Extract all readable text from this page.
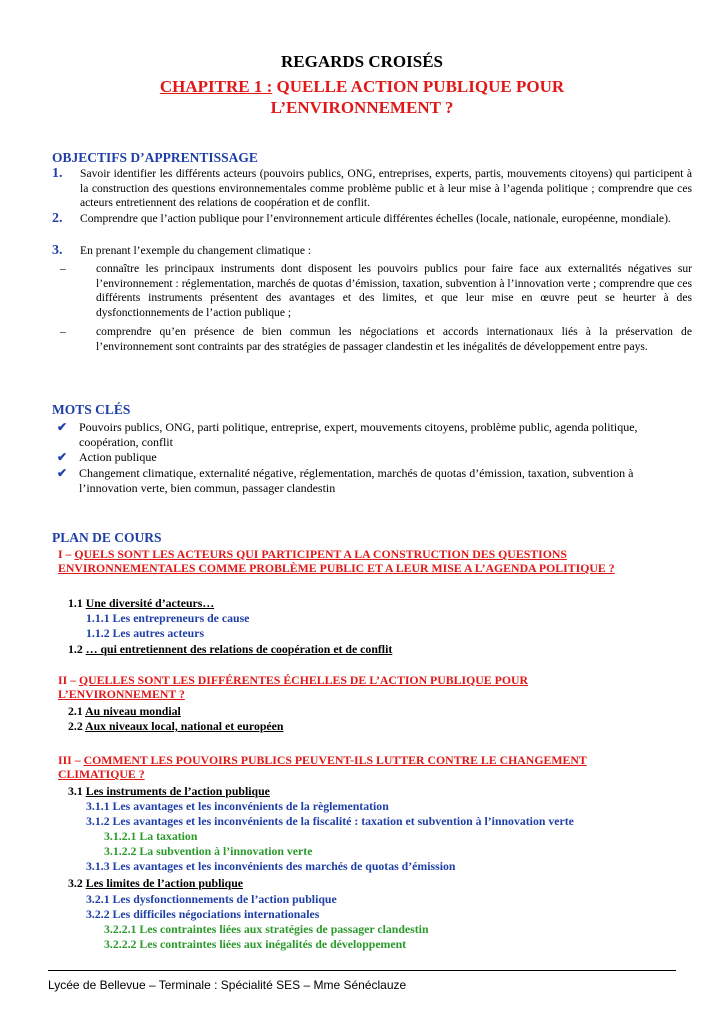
REGARDS CROISÉS
CHAPITRE 1 : QUELLE ACTION PUBLIQUE POUR
L’ENVIRONNEMENT ?
OBJECTIFS D’APPRENTISSAGE
1. Savoir identifier les différents acteurs (pouvoirs publics, ONG, entreprises, experts, partis, mouvements citoyens) qui participent à la construction des questions environnementales comme problème public et à leur mise à l’agenda politique ; comprendre que ces acteurs entretiennent des relations de coopération et de conflit.
2. Comprendre que l’action publique pour l’environnement articule différentes échelles (locale, nationale, européenne, mondiale).
3. En prenant l’exemple du changement climatique :
–	connaître les principaux instruments dont disposent les pouvoirs publics pour faire face aux externalités négatives sur l’environnement : réglementation, marchés de quotas d’émission, taxation, subvention à l’innovation verte ; comprendre que ces différents instruments présentent des avantages et des limites, et que leur mise en œuvre peut se heurter à des dysfonctionnements de l’action publique ;
–	comprendre qu’en présence de bien commun les négociations et accords internationaux liés à la préservation de l’environnement sont contraints par des stratégies de passager clandestin et les inégalités de développement entre pays.
MOTS CLÉS
✔ Pouvoirs publics, ONG, parti politique, entreprise, expert, mouvements citoyens, problème public, agenda politique, coopération, conflit
✔ Action publique
✔ Changement climatique, externalité négative, réglementation, marchés de quotas d’émission, taxation, subvention à l’innovation verte, bien commun, passager clandestin
PLAN DE COURS
I – QUELS SONT LES ACTEURS QUI PARTICIPENT A LA CONSTRUCTION DES QUESTIONS ENVIRONNEMENTALES COMME PROBLÈME PUBLIC ET A LEUR MISE A L’AGENDA POLITIQUE ?
1.1 Une diversité d’acteurs…
1.1.1 Les entrepreneurs de cause
1.1.2 Les autres acteurs
1.2 … qui entretiennent des relations de coopération et de conflit
II – QUELLES SONT LES DIFFÉRENTES ÉCHELLES DE L’ACTION PUBLIQUE POUR L’ENVIRONNEMENT ?
2.1 Au niveau mondial
2.2 Aux niveaux local, national et européen
III – COMMENT LES POUVOIRS PUBLICS PEUVENT-ILS LUTTER CONTRE LE CHANGEMENT CLIMATIQUE ?
3.1 Les instruments de l’action publique
3.1.1 Les avantages et les inconvénients de la règlementation
3.1.2 Les avantages et les inconvénients de la fiscalité : taxation et subvention à l’innovation verte
3.1.2.1 La taxation
3.1.2.2 La subvention à l’innovation verte
3.1.3 Les avantages et les inconvénients des marchés de quotas d’émission
3.2 Les limites de l’action publique
3.2.1 Les dysfonctionnements de l’action publique
3.2.2 Les difficiles négociations internationales
3.2.2.1 Les contraintes liées aux stratégies de passager clandestin
3.2.2.2 Les contraintes liées aux inégalités de développement
Lycée de Bellevue – Terminale : Spécialité SES – Mme Sénéclauze
